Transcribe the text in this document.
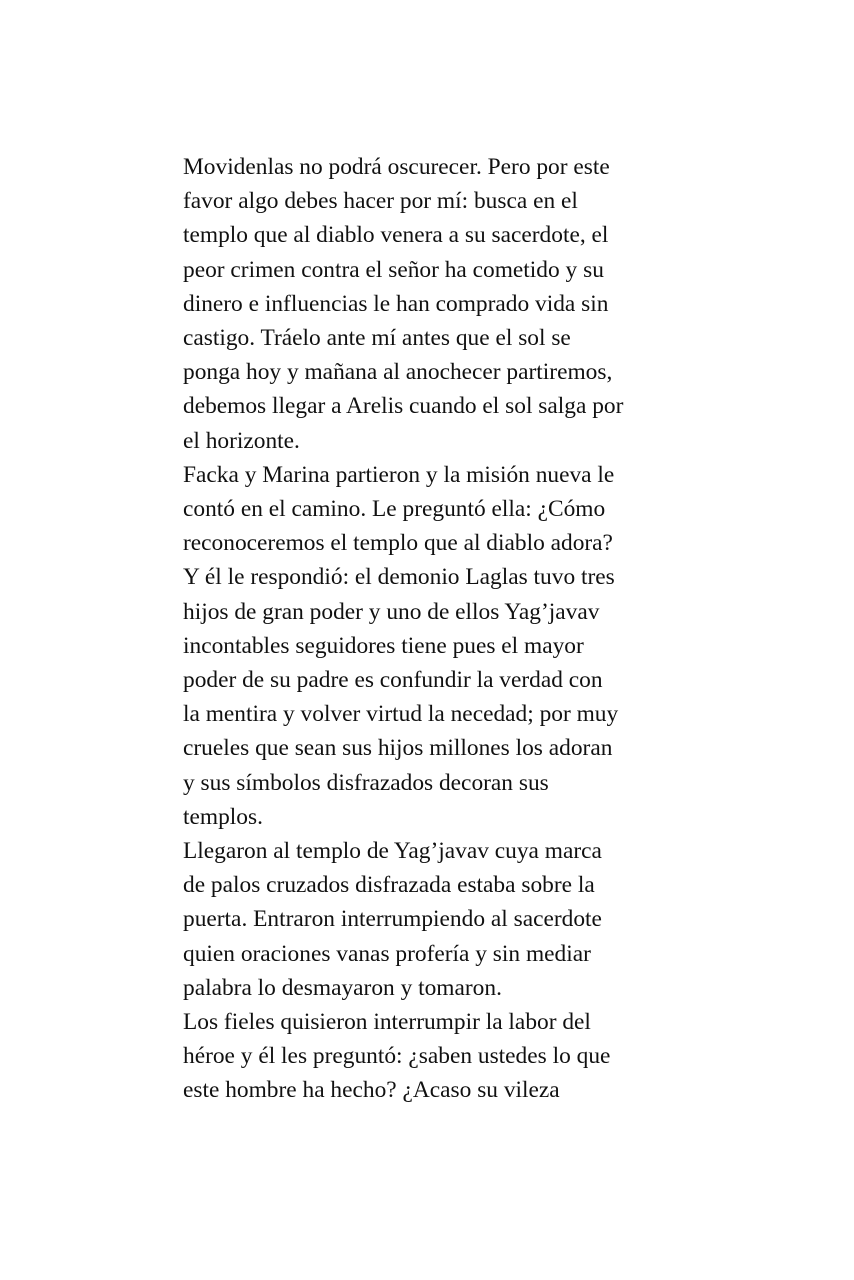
Movidenlas no podrá oscurecer. Pero por este
favor algo debes hacer por mí: busca en el
templo que al diablo venera a su sacerdote, el
peor crimen contra el señor ha cometido y su
dinero e influencias le han comprado vida sin
castigo. Tráelo ante mí antes que el sol se
ponga hoy y mañana al anochecer partiremos,
debemos llegar a Arelis cuando el sol salga por
el horizonte.
Facka y Marina partieron y la misión nueva le
contó en el camino. Le preguntó ella: ¿Cómo
reconoceremos el templo que al diablo adora?
Y él le respondió: el demonio Laglas tuvo tres
hijos de gran poder y uno de ellos Yag’javav
incontables seguidores tiene pues el mayor
poder de su padre es confundir la verdad con
la mentira y volver virtud la necedad; por muy
crueles que sean sus hijos millones los adoran
y sus símbolos disfrazados decoran sus
templos.
Llegaron al templo de Yag’javav cuya marca
de palos cruzados disfrazada estaba sobre la
puerta. Entraron interrumpiendo al sacerdote
quien oraciones vanas profería y sin mediar
palabra lo desmayaron y tomaron.
Los fieles quisieron interrumpir la labor del
héroe y él les preguntó: ¿saben ustedes lo que
este hombre ha hecho? ¿Acaso su vileza
